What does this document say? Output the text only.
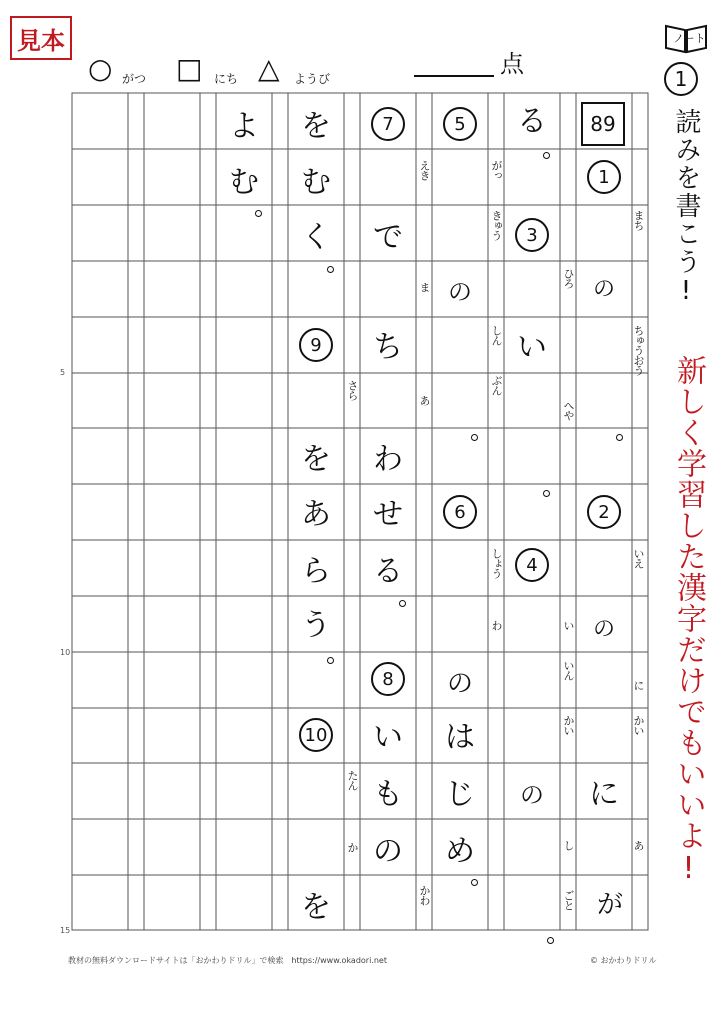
見本
○ がつ □ にち △ ようび
点
ノート
1
読みを書こう!
新しく学習した漢字だけでもいいよ!
5
10
15
89
1
の
2
の
に
が
まち
ちゅうおう
いえ
に
かい
あ
ひろ
へや
い
いん
かい
し
ごと
る
3
い
4
の
がっ
きゅう
しん
ぶん
しょう
わ
5
の
6
の
は
じ
め
えき
ま
あ
かわ
7
で
ち
わ
せ
る
8
い
も
の
さら
たん
か
を
む
く
9
を
あ
ら
う
10
を
よ
む
教材の無料ダウンロードサイトは「おかわりドリル」で検索　https://www.okadori.net	© おかわりドリル
